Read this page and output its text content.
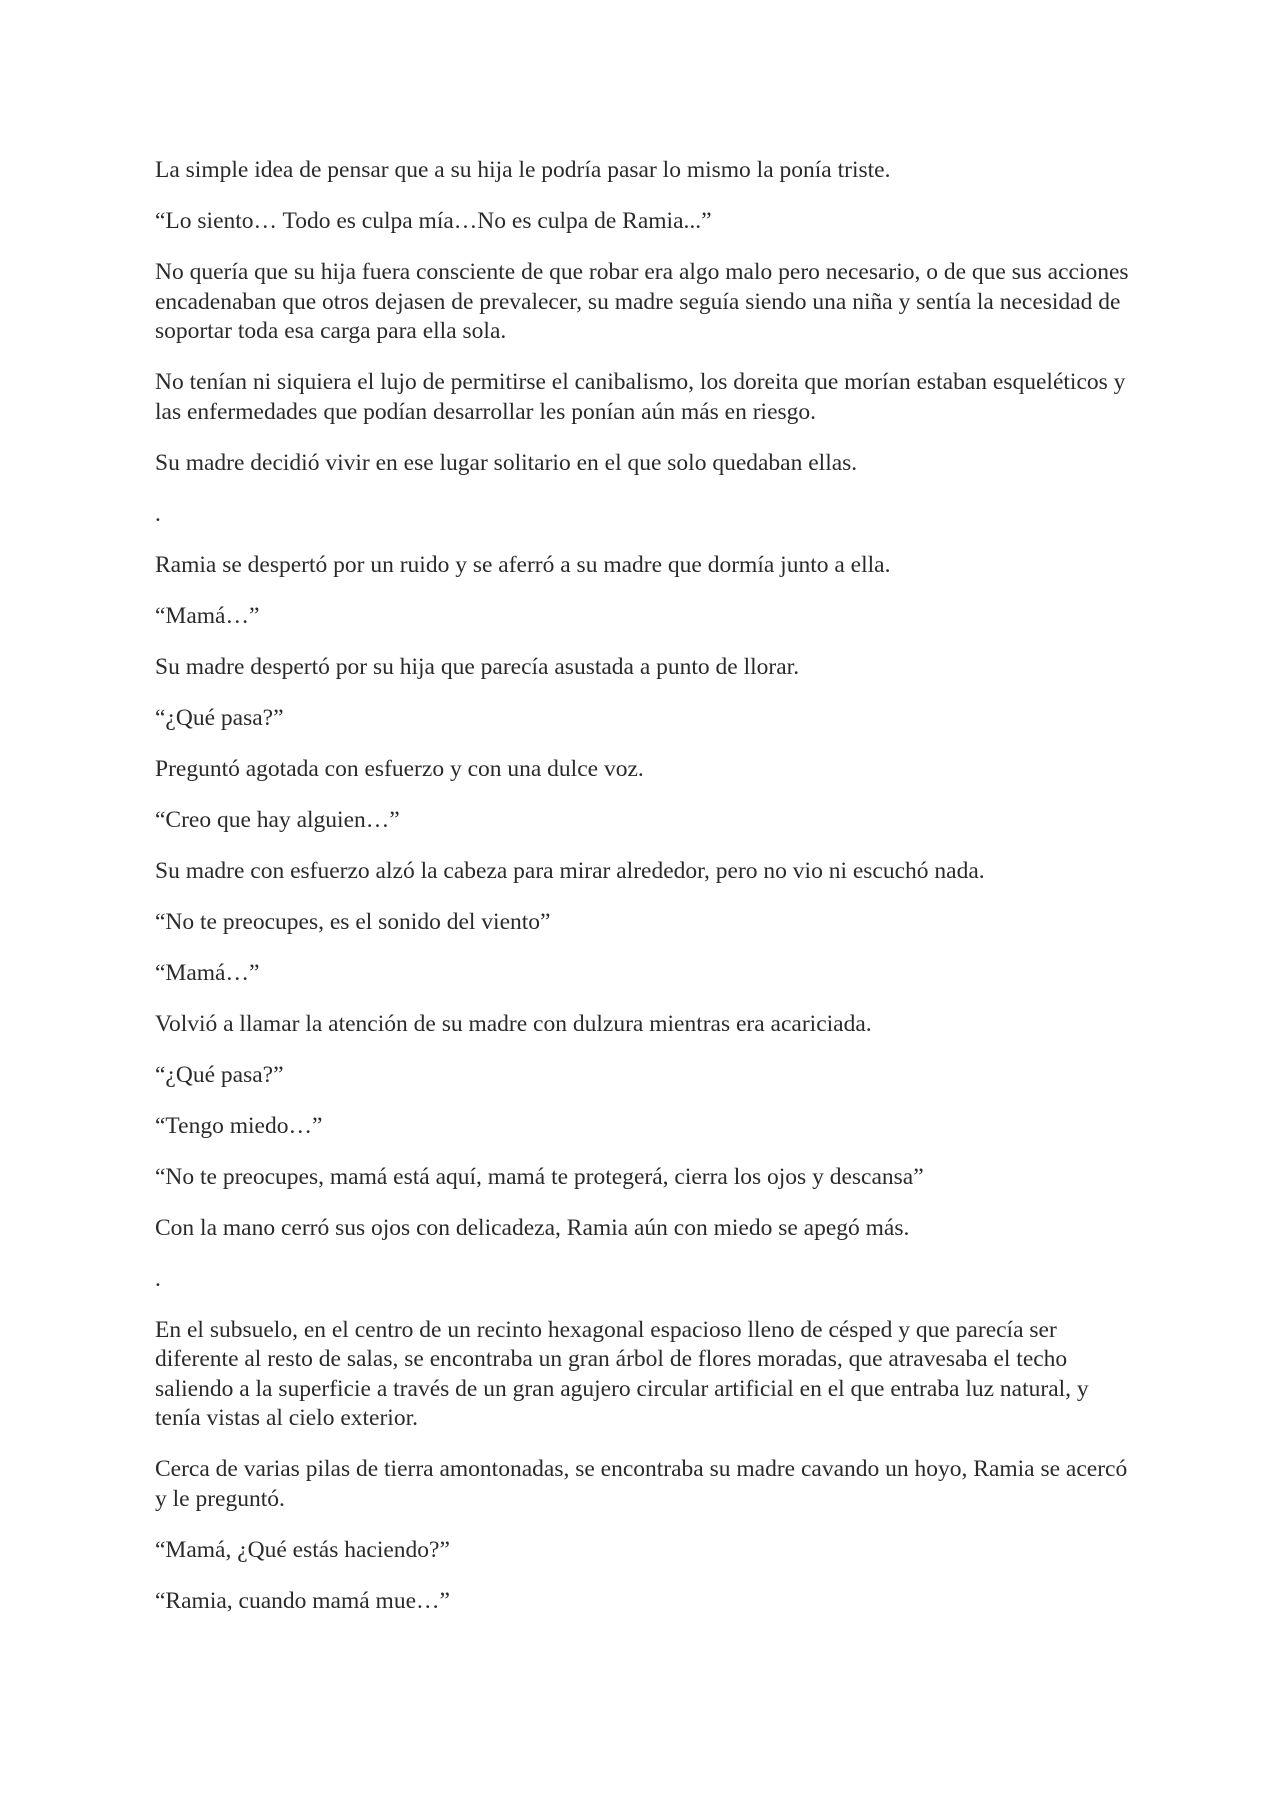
La simple idea de pensar que a su hija le podría pasar lo mismo la ponía triste.

“Lo siento… Todo es culpa mía…No es culpa de Ramia...”

No quería que su hija fuera consciente de que robar era algo malo pero necesario, o de que sus acciones encadenaban que otros dejasen de prevalecer, su madre seguía siendo una niña y sentía la necesidad de soportar toda esa carga para ella sola.

No tenían ni siquiera el lujo de permitirse el canibalismo, los doreita que morían estaban esqueléticos y las enfermedades que podían desarrollar les ponían aún más en riesgo.

Su madre decidió vivir en ese lugar solitario en el que solo quedaban ellas.

.

Ramia se despertó por un ruido y se aferró a su madre que dormía junto a ella.

“Mamá…”

Su madre despertó por su hija que parecía asustada a punto de llorar.

“¿Qué pasa?”

Preguntó agotada con esfuerzo y con una dulce voz.

“Creo que hay alguien…”

Su madre con esfuerzo alzó la cabeza para mirar alrededor, pero no vio ni escuchó nada.

“No te preocupes, es el sonido del viento”

“Mamá…”

Volvió a llamar la atención de su madre con dulzura mientras era acariciada.

“¿Qué pasa?”

“Tengo miedo…”

“No te preocupes, mamá está aquí, mamá te protegerá, cierra los ojos y descansa”

Con la mano cerró sus ojos con delicadeza, Ramia aún con miedo se apegó más.

.

En el subsuelo, en el centro de un recinto hexagonal espacioso lleno de césped y que parecía ser diferente al resto de salas, se encontraba un gran árbol de flores moradas, que atravesaba el techo saliendo a la superficie a través de un gran agujero circular artificial en el que entraba luz natural, y tenía vistas al cielo exterior.

Cerca de varias pilas de tierra amontonadas, se encontraba su madre cavando un hoyo, Ramia se acercó y le preguntó.

“Mamá, ¿Qué estás haciendo?”

“Ramia, cuando mamá mue…”
